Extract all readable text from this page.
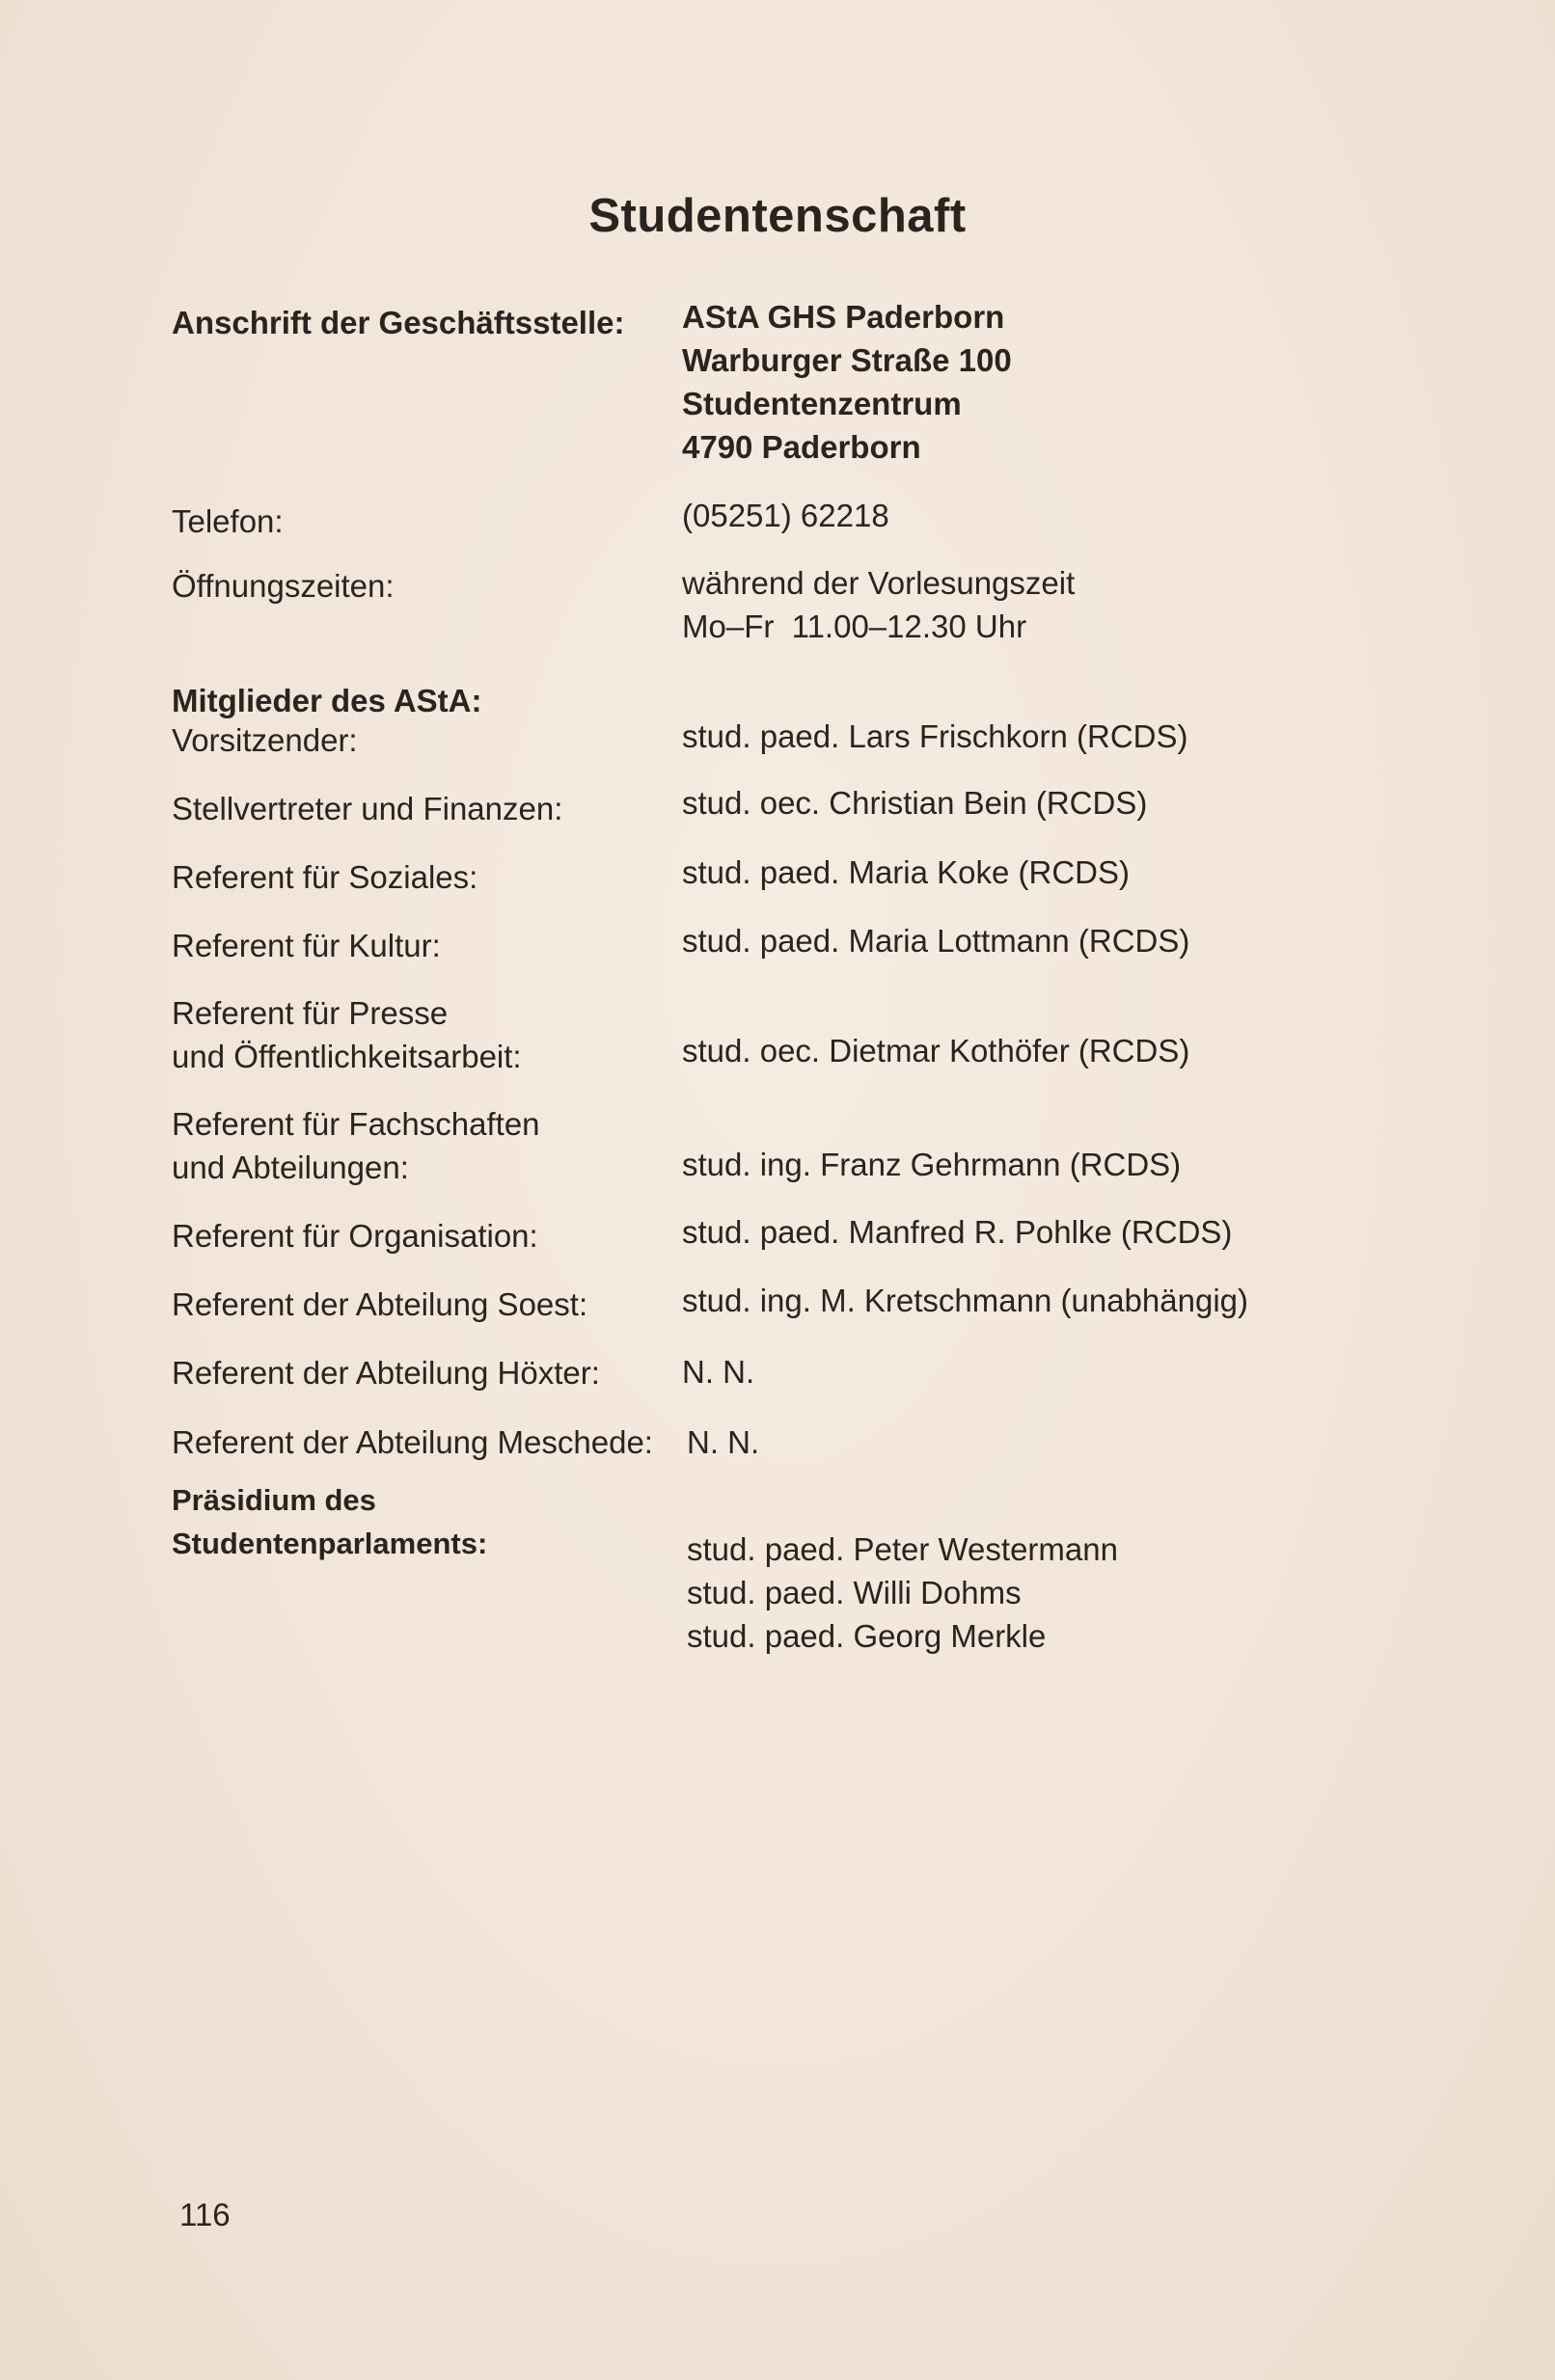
Studentenschaft
Anschrift der Geschäftsstelle: AStA GHS Paderborn
Warburger Straße 100
Studentenzentrum
4790 Paderborn
Telefon:	(05251) 62218
Öffnungszeiten:	während der Vorlesungszeit
Mo–Fr  11.00–12.30 Uhr
Mitglieder des AStA:
Vorsitzender:	stud. paed. Lars Frischkorn (RCDS)
Stellvertreter und Finanzen:	stud. oec. Christian Bein (RCDS)
Referent für Soziales:	stud. paed. Maria Koke (RCDS)
Referent für Kultur:	stud. paed. Maria Lottmann (RCDS)
Referent für Presse
und Öffentlichkeitsarbeit:	stud. oec. Dietmar Kothöfer (RCDS)
Referent für Fachschaften
und Abteilungen:	stud. ing. Franz Gehrmann (RCDS)
Referent für Organisation:	stud. paed. Manfred R. Pohlke (RCDS)
Referent der Abteilung Soest:	stud. ing. M. Kretschmann (unabhängig)
Referent der Abteilung Höxter:	N. N.
Referent der Abteilung Meschede: N. N.
Präsidium des
Studentenparlaments:	stud. paed. Peter Westermann
stud. paed. Willi Dohms
stud. paed. Georg Merkle
116
